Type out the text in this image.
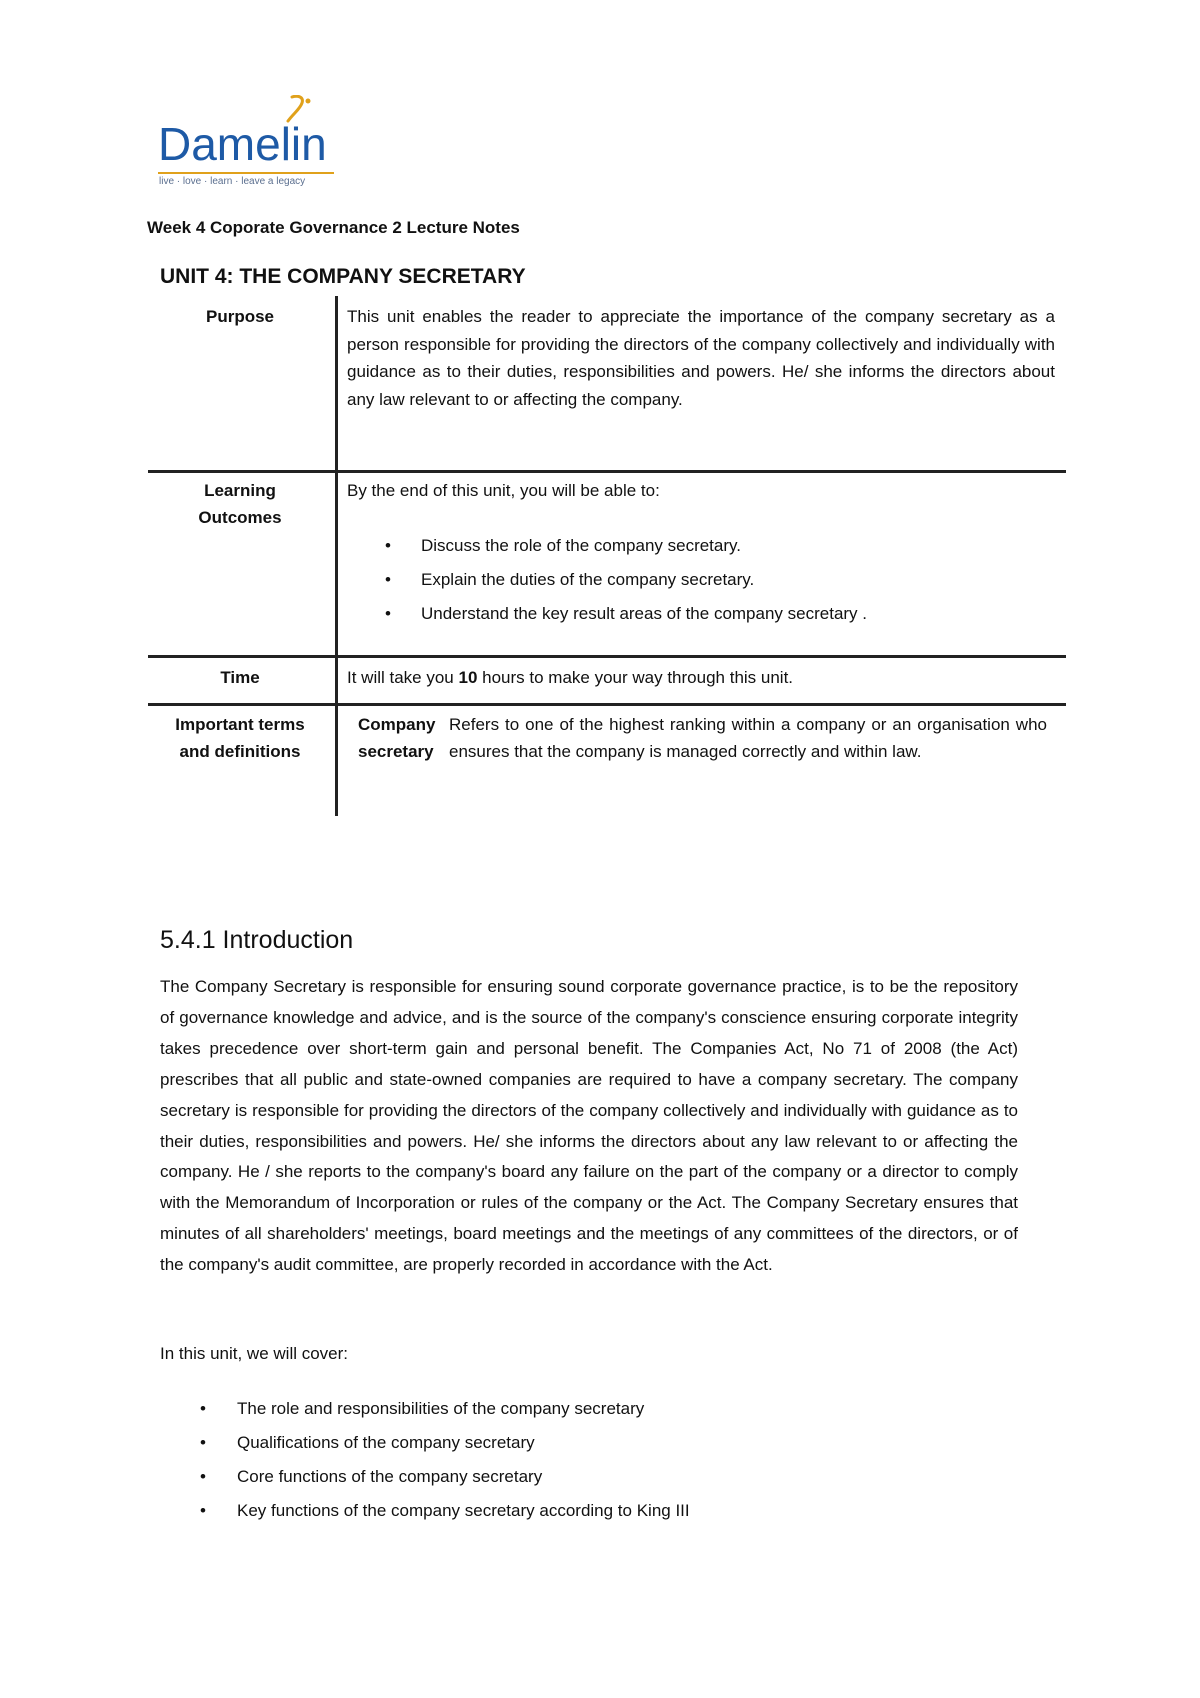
Damelin
live · love · learn · leave a legacy
Week 4 Coporate Governance 2 Lecture Notes
UNIT 4: THE COMPANY SECRETARY
Purpose	This unit enables the reader to appreciate the importance of the company secretary as a person responsible for providing the directors of the company collectively and individually with guidance as to their duties, responsibilities and powers. He/ she informs the directors about any law relevant to or affecting the company.
Learning
Outcomes
By the end of this unit, you will be able to:
• Discuss the role of the company secretary.
• Explain the duties of the company secretary.
• Understand the key result areas of the company secretary .
Time	It will take you 10 hours to make your way through this unit.
Important terms
and definitions
Company
secretary
Refers to one of the highest ranking within a company or an organisation who ensures that the company is managed correctly and within law.
5.4.1 Introduction
The Company Secretary is responsible for ensuring sound corporate governance practice, is to be the repository of governance knowledge and advice, and is the source of the company's conscience ensuring corporate integrity takes precedence over short-term gain and personal benefit. The Companies Act, No 71 of 2008 (the Act) prescribes that all public and state-owned companies are required to have a company secretary. The company secretary is responsible for providing the directors of the company collectively and individually with guidance as to their duties, responsibilities and powers. He/ she informs the directors about any law relevant to or affecting the company. He / she reports to the company's board any failure on the part of the company or a director to comply with the Memorandum of Incorporation or rules of the company or the Act. The Company Secretary ensures that minutes of all shareholders' meetings, board meetings and the meetings of any committees of the directors, or of the company's audit committee, are properly recorded in accordance with the Act.
In this unit, we will cover:
• The role and responsibilities of the company secretary
• Qualifications of the company secretary
• Core functions of the company secretary
• Key functions of the company secretary according to King III
